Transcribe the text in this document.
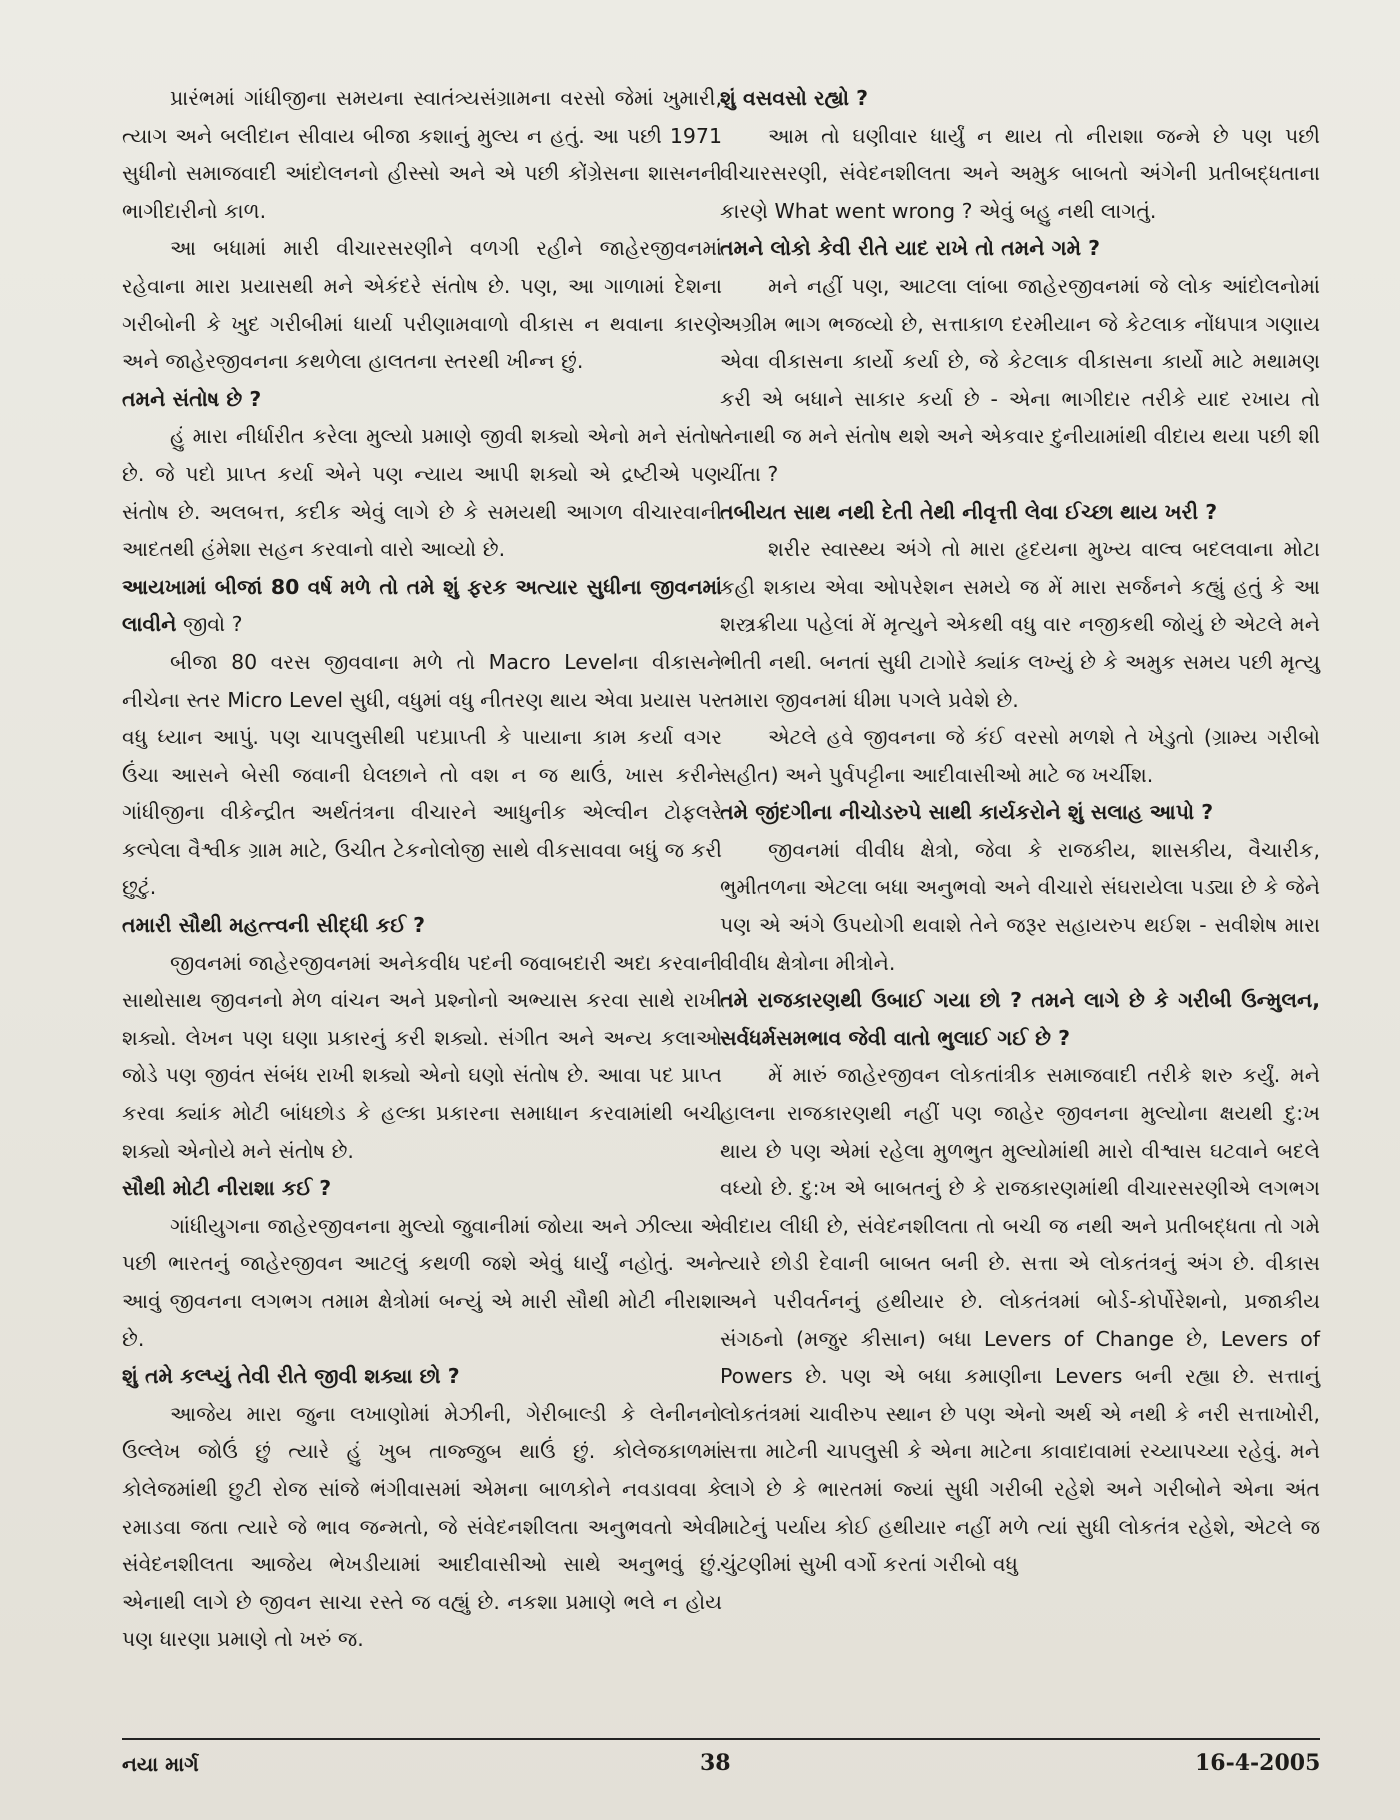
પ્રારંભમાં ગાંધીજીના સમયના સ્વાતંત્ર્યસંગ્રામના વરસો જેમાં ખુમારી, ત્યાગ અને બલીદાન સીવાય બીજા કશાનું મુલ્ય ન હતું. આ પછી 1971 સુધીનો સમાજવાદી આંદોલનનો હીસ્સો અને એ પછી કોંગ્રેસના શાસનની ભાગીદારીનો કાળ.

આ બધામાં મારી વીચારસરણીને વળગી રહીને જાહેરજીવનમાં રહેવાના મારા પ્રયાસથી મને એકંદરે સંતોષ છે. પણ, આ ગાળામાં દેશના ગરીબોની કે ખુદ ગરીબીમાં ધાર્યા પરીણામવાળો વીકાસ ન થવાના કારણે અને જાહેરજીવનના કથળેલા હાલતના સ્તરથી ખીન્ન છું.

તમને સંતોષ છે ?

હું મારા નીર્ધારીત કરેલા મુલ્યો પ્રમાણે જીવી શક્યો એનો મને સંતોષ છે. જે પદો પ્રાપ્ત કર્યા એને પણ ન્યાય આપી શક્યો એ દ્રષ્ટીએ પણ સંતોષ છે. અલબત્ત, કદીક એવું લાગે છે કે સમયથી આગળ વીચારવાની આદતથી હંમેશા સહન કરવાનો વારો આવ્યો છે.

આયખામાં બીજાં 80 વર્ષ મળે તો તમે શું ફરક અત્યાર સુધીના જીવનમાં લાવીને જીવો ?

બીજા 80 વરસ જીવવાના મળે તો Macro Levelના વીકાસને નીચેના સ્તર Micro Level સુધી, વધુમાં વધુ નીતરણ થાય એવા પ્રયાસ પર વધુ ધ્યાન આપું. પણ ચાપલુસીથી પદપ્રાપ્તી કે પાયાના કામ કર્યા વગર ઉંચા આસને બેસી જવાની ઘેલછાને તો વશ ન જ થાઉં, ખાસ કરીને ગાંધીજીના વીકેન્દ્રીત અર્થતંત્રના વીચારને આધુનીક એલ્વીન ટોફલરે કલ્પેલા વૈશ્વીક ગ્રામ માટે, ઉચીત ટેકનોલોજી સાથે વીકસાવવા બધું જ કરી છુટું.

તમારી સૌથી મહત્ત્વની સીદ્ધી કઈ ?

જીવનમાં જાહેરજીવનમાં અનેકવીધ પદની જવાબદારી અદા કરવાની સાથોસાથ જીવનનો મેળ વાંચન અને પ્રશ્નોનો અભ્યાસ કરવા સાથે રાખી શક્યો. લેખન પણ ઘણા પ્રકારનું કરી શક્યો. સંગીત અને અન્ય કલાઓ જોડે પણ જીવંત સંબંધ રાખી શક્યો એનો ઘણો સંતોષ છે. આવા પદ પ્રાપ્ત કરવા ક્યાંક મોટી બાંધછોડ કે હલ્કા પ્રકારના સમાધાન કરવામાંથી બચી શક્યો એનોયે મને સંતોષ છે.

સૌથી મોટી નીરાશા કઈ ?

ગાંધીયુગના જાહેરજીવનના મુલ્યો જુવાનીમાં જોયા અને ઝીલ્યા એ પછી ભારતનું જાહેરજીવન આટલું કથળી જશે એવું ધાર્યું નહોતું. અને આવું જીવનના લગભગ તમામ ક્ષેત્રોમાં બન્યું એ મારી સૌથી મોટી નીરાશા છે.

શું તમે કલ્પ્યું તેવી રીતે જીવી શક્યા છો ?

આજેય મારા જુના લખાણોમાં મેઝીની, ગેરીબાલ્ડી કે લેનીનનો ઉલ્લેખ જોઉં છું ત્યારે હું ખુબ તાજ્જુબ થાઉં છું. કોલેજકાળમાં કોલેજમાંથી છુટી રોજ સાંજે ભંગીવાસમાં એમના બાળકોને નવડાવવા કે રમાડવા જતા ત્યારે જે ભાવ જન્મતો, જે સંવેદનશીલતા અનુભવતો એવી સંવેદનશીલતા આજેય ભેખડીયામાં આદીવાસીઓ સાથે અનુભવું છું. એનાથી લાગે છે જીવન સાચા રસ્તે જ વહ્યું છે. નકશા પ્રમાણે ભલે ન હોય પણ ધારણા પ્રમાણે તો ખરું જ.

શું વસવસો રહ્યો ?

આમ તો ઘણીવાર ધાર્યું ન થાય તો નીરાશા જન્મે છે પણ પછી વીચારસરણી, સંવેદનશીલતા અને અમુક બાબતો અંગેની પ્રતીબદ્ધતાના કારણે What went wrong ? એવું બહુ નથી લાગતું.

તમને લોકો કેવી રીતે યાદ રાખે તો તમને ગમે ?

મને નહીં પણ, આટલા લાંબા જાહેરજીવનમાં જે લોક આંદોલનોમાં અગ્રીમ ભાગ ભજવ્યો છે, સત્તાકાળ દરમીયાન જે કેટલાક નોંધપાત્ર ગણાય એવા વીકાસના કાર્યો કર્યા છે, જે કેટલાક વીકાસના કાર્યો માટે મથામણ કરી એ બધાને સાકાર કર્યા છે - એના ભાગીદાર તરીકે યાદ રખાય તો તેનાથી જ મને સંતોષ થશે અને એકવાર દુનીયામાંથી વીદાય થયા પછી શી ચીંતા ?

તબીયત સાથ નથી દેતી તેથી નીવૃત્તી લેવા ઈચ્છા થાય ખરી ?

શરીર સ્વાસ્થ્ય અંગે તો મારા હૃદયના મુખ્ય વાલ્વ બદલવાના મોટા કહી શકાય એવા ઓપરેશન સમયે જ મેં મારા સર્જનને કહ્યું હતું કે આ શસ્ત્રક્રીયા પહેલાં મેં મૃત્યુને એકથી વધુ વાર નજીકથી જોયું છે એટલે મને ભીતી નથી. બનતાં સુધી ટાગોરે ક્યાંક લખ્યું છે કે અમુક સમય પછી મૃત્યુ તમારા જીવનમાં ધીમા પગલે પ્રવેશે છે.

એટલે હવે જીવનના જે કંઈ વરસો મળશે તે ખેડુતો (ગ્રામ્ય ગરીબો સહીત) અને પુર્વપટ્ટીના આદીવાસીઓ માટે જ ખર્ચીશ.

તમે જીંદગીના નીચોડરુપે સાથી કાર્યકરોને શું સલાહ આપો ?

જીવનમાં વીવીધ ક્ષેત્રો, જેવા કે રાજકીય, શાસકીય, વૈચારીક, ભુમીતળના એટલા બધા અનુભવો અને વીચારો સંઘરાયેલા પડ્યા છે કે જેને પણ એ અંગે ઉપયોગી થવાશે તેને જરૂર સહાયરુપ થઈશ - સવીશેષ મારા વીવીધ ક્ષેત્રોના મીત્રોને.

તમે રાજકારણથી ઉબાઈ ગયા છો ? તમને લાગે છે કે ગરીબી ઉન્મુલન, સર્વધર્મસમભાવ જેવી વાતો ભુલાઈ ગઈ છે ?

મેં મારું જાહેરજીવન લોકતાંત્રીક સમાજવાદી તરીકે શરુ કર્યું. મને હાલના રાજકારણથી નહીં પણ જાહેર જીવનના મુલ્યોના ક્ષયથી દુ:ખ થાય છે પણ એમાં રહેલા મુળભુત મુલ્યોમાંથી મારો વીશ્વાસ ઘટવાને બદલે વધ્યો છે. દુ:ખ એ બાબતનું છે કે રાજકારણમાંથી વીચારસરણીએ લગભગ વીદાય લીધી છે, સંવેદનશીલતા તો બચી જ નથી અને પ્રતીબદ્ધતા તો ગમે ત્યારે છોડી દેવાની બાબત બની છે. સત્તા એ લોકતંત્રનું અંગ છે. વીકાસ અને પરીવર્તનનું હથીયાર છે. લોકતંત્રમાં બોર્ડ-કોર્પોરેશનો, પ્રજાકીય સંગઠનો (મજુર કીસાન) બધા Levers of Change છે, Levers of Powers છે. પણ એ બધા કમાણીના Levers બની રહ્યા છે. સત્તાનું લોકતંત્રમાં ચાવીરુપ સ્થાન છે પણ એનો અર્થ એ નથી કે નરી સત્તાખોરી, સત્તા માટેની ચાપલુસી કે એના માટેના કાવાદાવામાં રચ્યાપચ્યા રહેવું. મને લાગે છે કે ભારતમાં જ્યાં સુધી ગરીબી રહેશે અને ગરીબોને એના અંત માટેનું પર્યાય કોઈ હથીયાર નહીં મળે ત્યાં સુધી લોકતંત્ર રહેશે, એટલે જ ચુંટણીમાં સુખી વર્ગો કરતાં ગરીબો વધુ

નયા માર્ગ	38	16-4-2005
